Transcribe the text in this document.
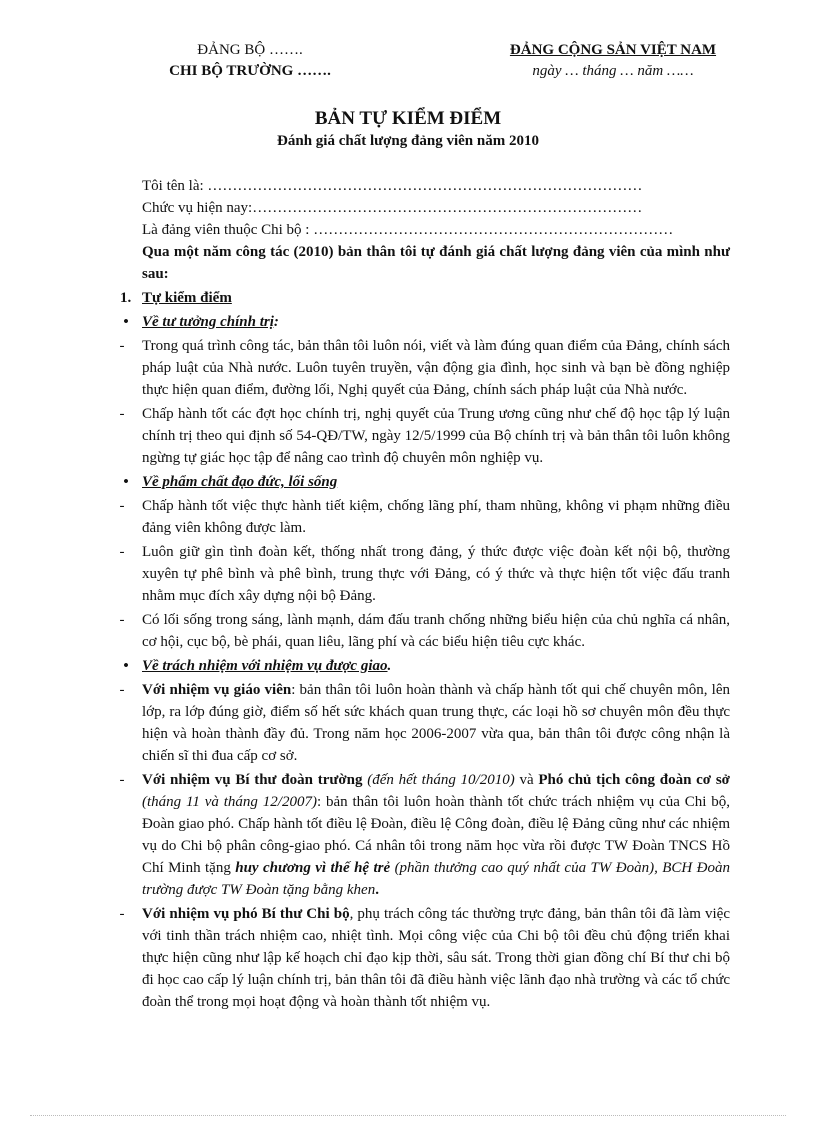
ĐẢNG BỘ …….
CHI BỘ TRƯỜNG …….
ĐẢNG CỘNG SẢN VIỆT NAM
ngày … tháng … năm ……
BẢN TỰ KIỂM ĐIỂM
Đánh giá chất lượng đảng viên năm 2010

Tôi tên là: ……………………………………………………………………………

Chức vụ hiện nay:……………………………………………………………………

Là đảng viên thuộc Chi bộ : ………………………………………………………………

Qua một năm công tác (2010) bản thân tôi tự đánh giá chất lượng đảng viên của mình như sau:

1. Tự kiểm điểm
• Về tư tưởng chính trị:
- Trong quá trình công tác, bản thân tôi luôn nói, viết và làm đúng quan điểm của Đảng, chính sách pháp luật của Nhà nước. Luôn tuyên truyền, vận động gia đình, học sinh và bạn bè đồng nghiệp thực hiện quan điểm, đường lối, Nghị quyết của Đảng, chính sách pháp luật của Nhà nước.
- Chấp hành tốt các đợt học chính trị, nghị quyết của Trung ương cũng như chế độ học tập lý luận chính trị theo qui định số 54-QĐ/TW, ngày 12/5/1999 của Bộ chính trị và bản thân tôi luôn không ngừng tự giác học tập để nâng cao trình độ chuyên môn nghiệp vụ.
• Về phẩm chất đạo đức, lối sống
- Chấp hành tốt việc thực hành tiết kiệm, chống lãng phí, tham nhũng, không vi phạm những điều đảng viên không được làm.
- Luôn giữ gìn tình đoàn kết, thống nhất trong đảng, ý thức được việc đoàn kết nội bộ, thường xuyên tự phê bình và phê bình, trung thực với Đảng, có ý thức và thực hiện tốt việc đấu tranh nhằm mục đích xây dựng nội bộ Đảng.
- Có lối sống trong sáng, lành mạnh, dám đấu tranh chống những biểu hiện của chủ nghĩa cá nhân, cơ hội, cục bộ, bè phái, quan liêu, lãng phí và các biểu hiện tiêu cực khác.
• Về trách nhiệm với nhiệm vụ được giao.
- Với nhiệm vụ giáo viên: bản thân tôi luôn hoàn thành và chấp hành tốt qui chế chuyên môn, lên lớp, ra lớp đúng giờ, điểm số hết sức khách quan trung thực, các loại hồ sơ chuyên môn đều thực hiện và hoàn thành đầy đủ. Trong năm học 2006-2007 vừa qua, bản thân tôi được công nhận là chiến sĩ thi đua cấp cơ sở.
- Với nhiệm vụ Bí thư đoàn trường (đến hết tháng 10/2010) và Phó chủ tịch công đoàn cơ sở (tháng 11 và tháng 12/2007): bản thân tôi luôn hoàn thành tốt chức trách nhiệm vụ của Chi bộ, Đoàn giao phó. Chấp hành tốt điều lệ Đoàn, điều lệ Công đoàn, điều lệ Đảng cũng như các nhiệm vụ do Chi bộ phân công-giao phó. Cá nhân tôi trong năm học vừa rồi được TW Đoàn TNCS Hồ Chí Minh tặng huy chương vì thế hệ trẻ (phần thưởng cao quý nhất của TW Đoàn), BCH Đoàn trường được TW Đoàn tặng bằng khen.
- Với nhiệm vụ phó Bí thư Chi bộ, phụ trách công tác thường trực đảng, bản thân tôi đã làm việc với tinh thần trách nhiệm cao, nhiệt tình. Mọi công việc của Chi bộ tôi đều chủ động triển khai thực hiện cũng như lập kế hoạch chỉ đạo kịp thời, sâu sát. Trong thời gian đồng chí Bí thư chi bộ đi học cao cấp lý luận chính trị, bản thân tôi đã điều hành việc lãnh đạo nhà trường và các tổ chức đoàn thể trong mọi hoạt động và hoàn thành tốt nhiệm vụ.
